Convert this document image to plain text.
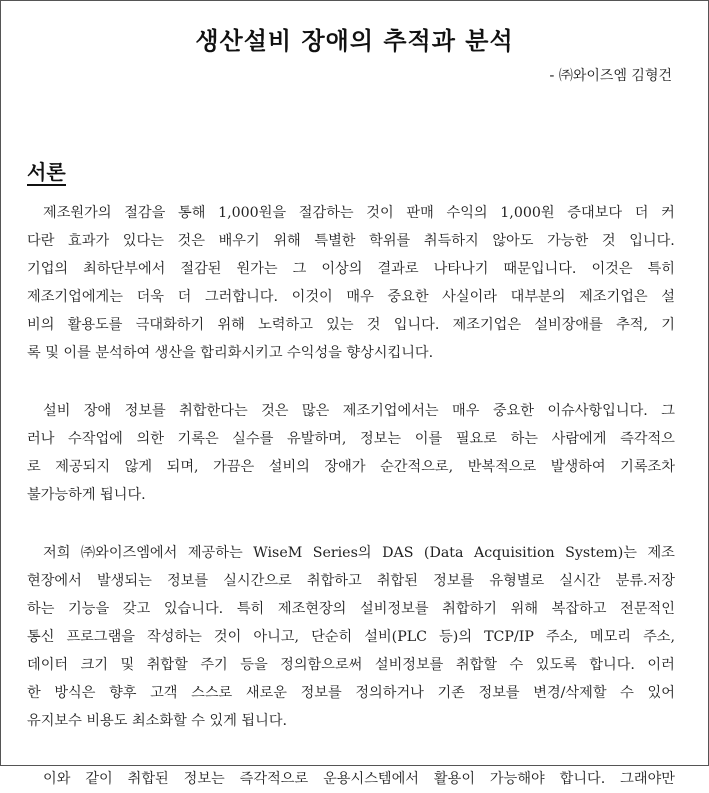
생산설비 장애의 추적과 분석
- ㈜와이즈엠 김형건
서론
제조원가의 절감을 통해 1,000원을 절감하는 것이 판매 수익의 1,000원 증대보다 더 커
다란 효과가 있다는 것은 배우기 위해 특별한 학위를 취득하지 않아도 가능한 것 입니다.
기업의 최하단부에서 절감된 원가는 그 이상의 결과로 나타나기 때문입니다. 이것은 특히
제조기업에게는 더욱 더 그러합니다. 이것이 매우 중요한 사실이라 대부분의 제조기업은 설
비의 활용도를 극대화하기 위해 노력하고 있는 것 입니다. 제조기업은 설비장애를 추적, 기
록 및 이를 분석하여 생산을 합리화시키고 수익성을 향상시킵니다.
설비 장애 정보를 취합한다는 것은 많은 제조기업에서는 매우 중요한 이슈사항입니다. 그
러나 수작업에 의한 기록은 실수를 유발하며, 정보는 이를 필요로 하는 사람에게 즉각적으
로 제공되지 않게 되며, 가끔은 설비의 장애가 순간적으로, 반복적으로 발생하여 기록조차
불가능하게 됩니다.
저희 ㈜와이즈엠에서 제공하는 WiseM Series의 DAS (Data Acquisition System)는 제조
현장에서 발생되는 정보를 실시간으로 취합하고 취합된 정보를 유형별로 실시간 분류.저장
하는 기능을 갖고 있습니다. 특히 제조현장의 설비정보를 취합하기 위해 복잡하고 전문적인
통신 프로그램을 작성하는 것이 아니고, 단순히 설비(PLC 등)의 TCP/IP 주소, 메모리 주소,
데이터 크기 및 취합할 주기 등을 정의함으로써 설비정보를 취합할 수 있도록 합니다. 이러
한 방식은 향후 고객 스스로 새로운 정보를 정의하거나 기존 정보를 변경/삭제할 수 있어
유지보수 비용도 최소화할 수 있게 됩니다.
이와 같이 취합된 정보는 즉각적으로 운용시스템에서 활용이 가능해야 합니다. 그래야만
